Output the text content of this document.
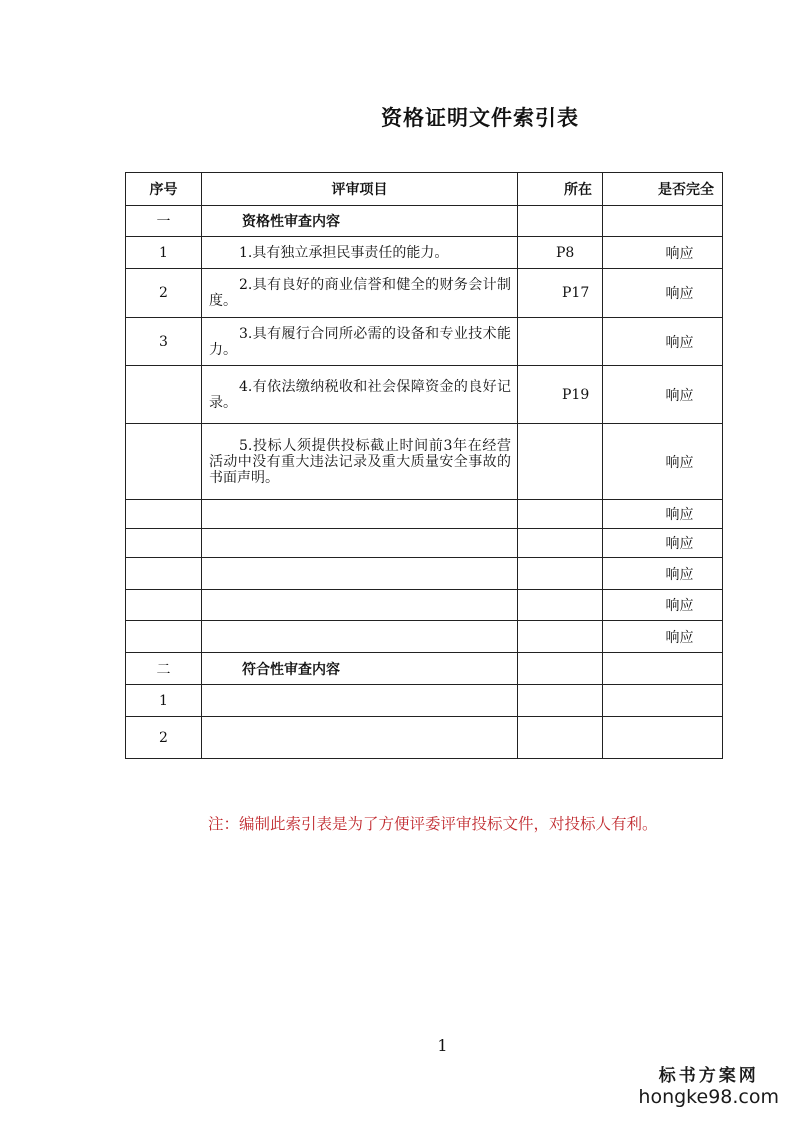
资格证明文件索引表
序号	评审项目	所在	是否完全
一	资格性审查内容		
1	1.具有独立承担民事责任的能力。	P8	响应
2	2.具有良好的商业信誉和健全的财务会计制度。	P17	响应
3	3.具有履行合同所必需的设备和专业技术能力。		响应
	4.有依法缴纳税收和社会保障资金的良好记录。	P19	响应
	5.投标人须提供投标截止时间前3年在经营活动中没有重大违法记录及重大质量安全事故的书面声明。		响应
			响应
			响应
			响应
			响应
			响应
二	符合性审查内容		
1			
2			
注：编制此索引表是为了方便评委评审投标文件，对投标人有利。
1
标书方案网
hongke98.com
